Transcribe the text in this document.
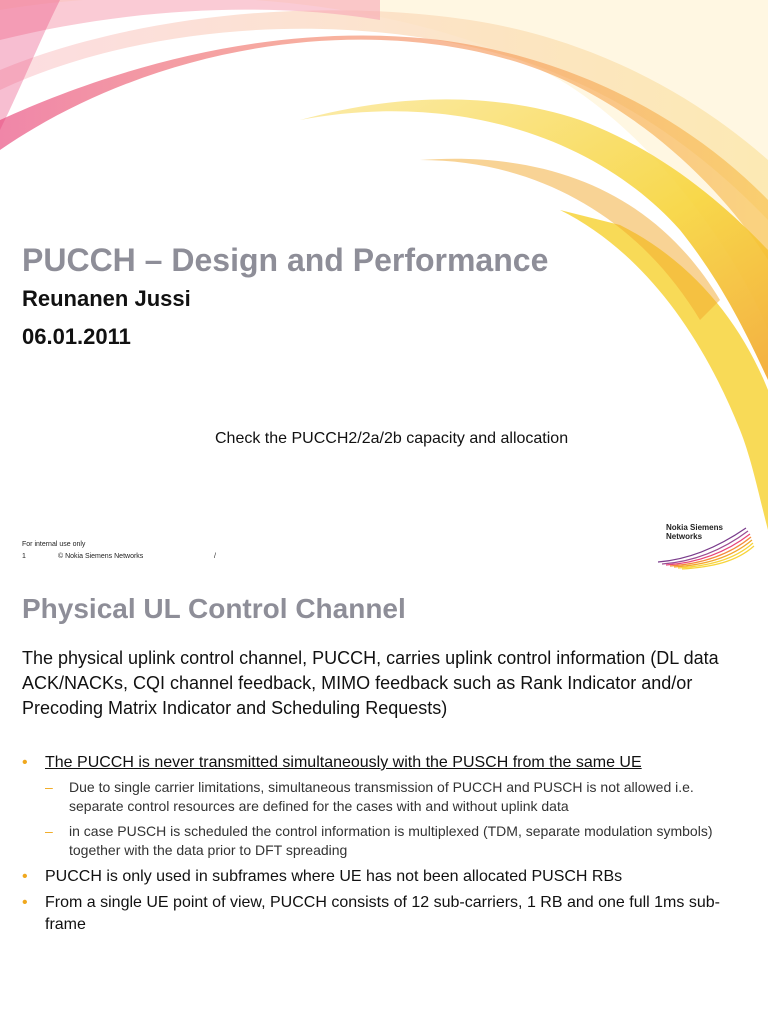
PUCCH – Design and Performance
Reunanen Jussi
06.01.2011
Check the PUCCH2/2a/2b capacity and allocation
For internal use only
1	© Nokia Siemens Networks	/
Nokia Siemens
Networks
Physical UL Control Channel
The physical uplink control channel, PUCCH, carries uplink control information (DL data ACK/NACKs, CQI channel feedback, MIMO feedback such as Rank Indicator and/or Precoding Matrix Indicator and Scheduling Requests)
• The PUCCH is never transmitted simultaneously with the PUSCH from the same UE
– Due to single carrier limitations, simultaneous transmission of PUCCH and PUSCH is not allowed i.e. separate control resources are defined for the cases with and without uplink data
– in case PUSCH is scheduled the control information is multiplexed (TDM, separate modulation symbols) together with the data prior to DFT spreading
• PUCCH is only used in subframes where UE has not been allocated PUSCH RBs
• From a single UE point of view, PUCCH consists of 12 sub-carriers, 1 RB and one full 1ms sub-frame
